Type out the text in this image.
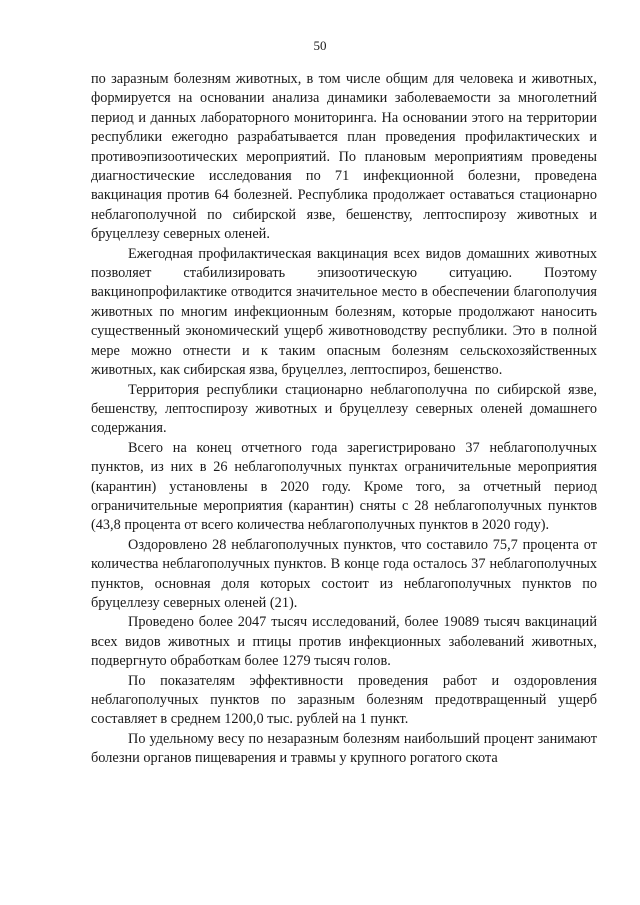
50

по заразным болезням животных, в том числе общим для человека и животных, формируется на основании анализа динамики заболеваемости за многолетний период и данных лабораторного мониторинга. На основании этого на территории республики ежегодно разрабатывается план проведения профилактических и противоэпизоотических мероприятий. По плановым мероприятиям проведены диагностические исследования по 71 инфекционной болезни, проведена вакцинация против 64 болезней. Республика продолжает оставаться стационарно неблагополучной по сибирской язве, бешенству, лептоспирозу животных и бруцеллезу северных оленей.

Ежегодная профилактическая вакцинация всех видов домашних животных позволяет стабилизировать эпизоотическую ситуацию. Поэтому вакцинопрофилактике отводится значительное место в обеспечении благополучия животных по многим инфекционным болезням, которые продолжают наносить существенный экономический ущерб животноводству республики. Это в полной мере можно отнести и к таким опасным болезням сельскохозяйственных животных, как сибирская язва, бруцеллез, лептоспироз, бешенство.

Территория республики стационарно неблагополучна по сибирской язве, бешенству, лептоспирозу животных и бруцеллезу северных оленей домашнего содержания.

Всего на конец отчетного года зарегистрировано 37 неблагополучных пунктов, из них в 26 неблагополучных пунктах ограничительные мероприятия (карантин) установлены в 2020 году. Кроме того, за отчетный период ограничительные мероприятия (карантин) сняты с 28 неблагополучных пунктов (43,8 процента от всего количества неблагополучных пунктов в 2020 году).

Оздоровлено 28 неблагополучных пунктов, что составило 75,7 процента от количества неблагополучных пунктов. В конце года осталось 37 неблагополучных пунктов, основная доля которых состоит из неблагополучных пунктов по бруцеллезу северных оленей (21).

Проведено более 2047 тысяч исследований, более 19089 тысяч вакцинаций всех видов животных и птицы против инфекционных заболеваний животных, подвергнуто обработкам более 1279 тысяч голов.

По показателям эффективности проведения работ и оздоровления неблагополучных пунктов по заразным болезням предотвращенный ущерб составляет в среднем 1200,0 тыс. рублей на 1 пункт.

По удельному весу по незаразным болезням наибольший процент занимают болезни органов пищеварения и травмы у крупного рогатого скота
